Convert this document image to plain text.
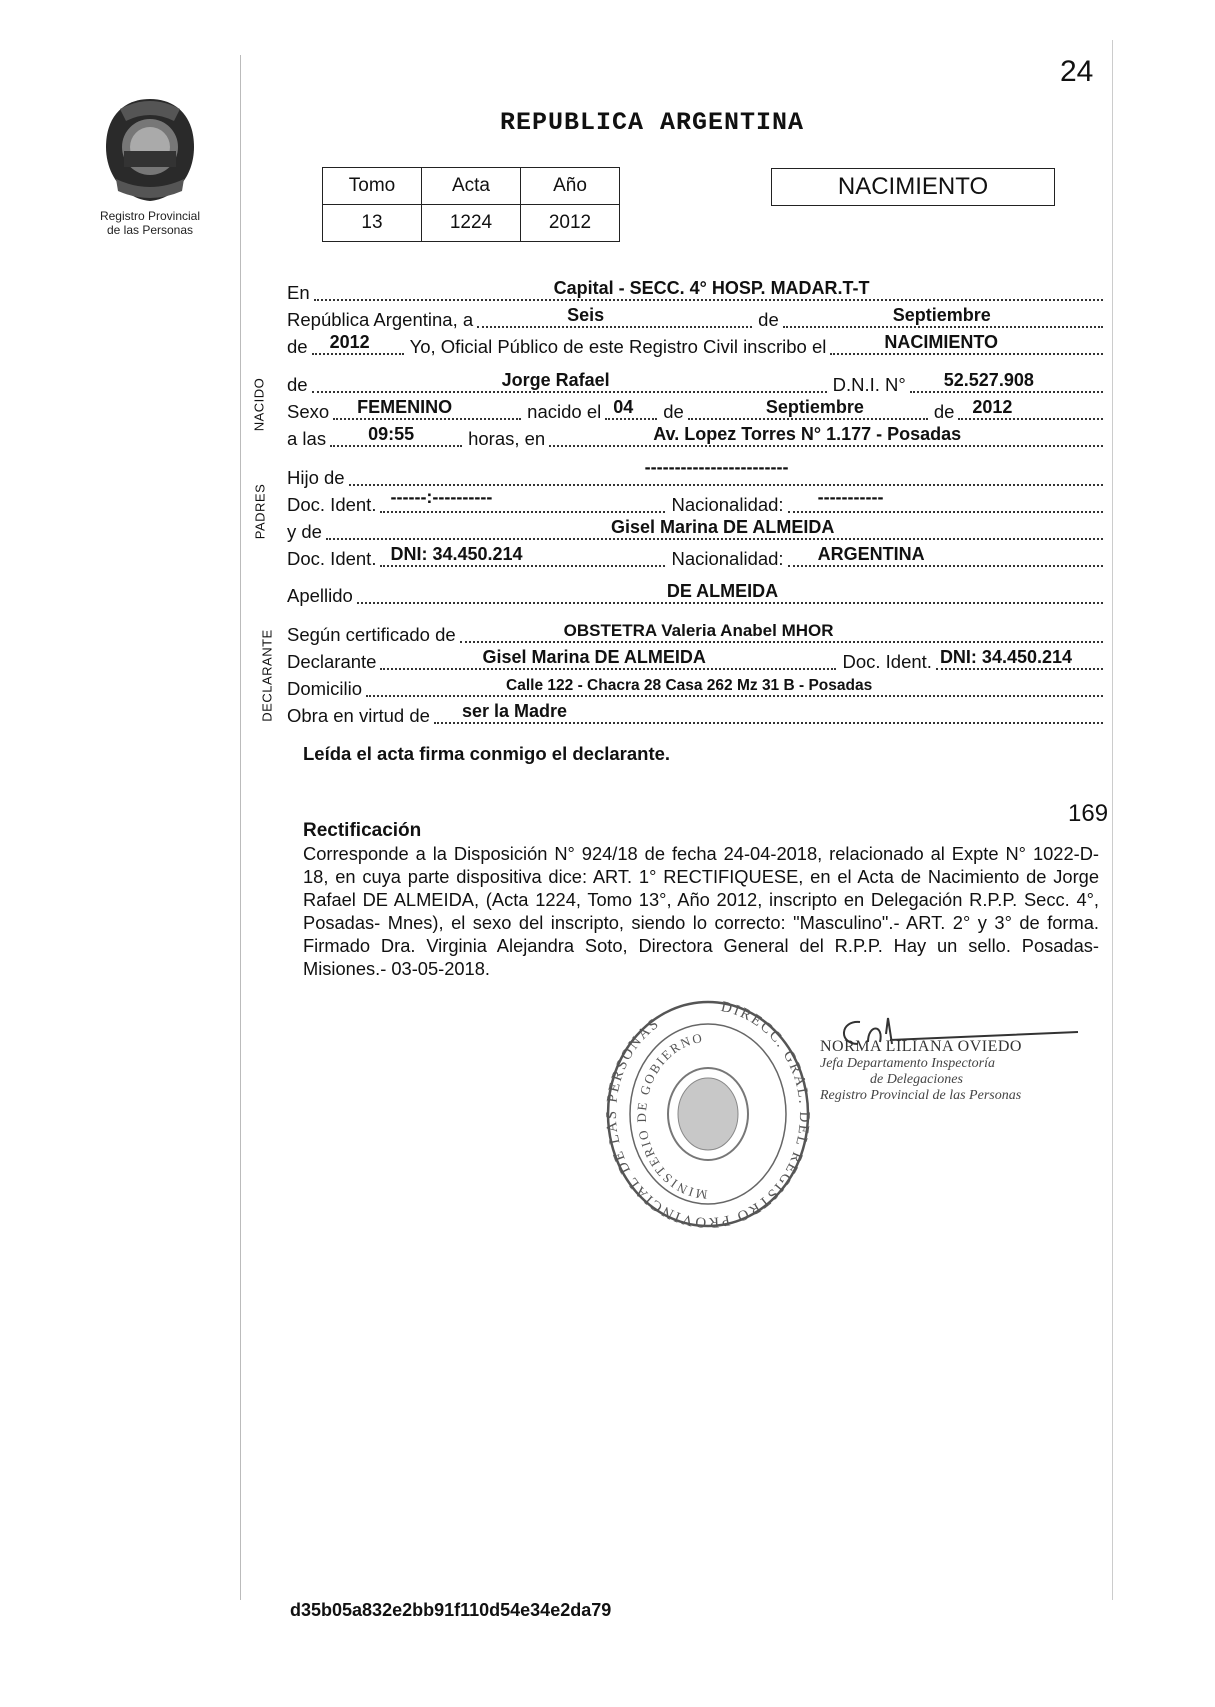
Registro Provincial
de las Personas
24
REPUBLICA ARGENTINA
Tomo	Acta	Año
13	1224	2012
NACIMIENTO
NACIDO
PADRES
DECLARANTE
En	Capital - SECC. 4° HOSP. MADAR.T-T
República Argentina, a	Seis	de	Septiembre
de 2012	Yo, Oficial Público de este Registro Civil inscribo el	NACIMIENTO
de	Jorge Rafael	D.N.I. N° 52.527.908
Sexo FEMENINO	nacido el 04	de	Septiembre	de 2012
a las 09:55	horas, en	Av. Lopez Torres N° 1.177 - Posadas
Hijo de	------------------------
Doc. Ident. ------:----------	Nacionalidad: -----------
y de	Gisel Marina DE ALMEIDA
Doc. Ident. DNI: 34.450.214	Nacionalidad: ARGENTINA
Apellido	DE ALMEIDA
Según certificado de	OBSTETRA Valeria Anabel MHOR
Declarante	Gisel Marina DE ALMEIDA	Doc. Ident. DNI: 34.450.214
Domicilio	Calle 122 - Chacra 28 Casa 262 Mz 31 B - Posadas
Obra en virtud de ser la Madre
Leída el acta firma conmigo el declarante.
169
Rectificación
Corresponde a la Disposición N° 924/18 de fecha 24-04-2018, relacionado al Expte N° 1022-D-18, en cuya parte dispositiva dice: ART. 1° RECTIFIQUESE, en el Acta de Nacimiento de Jorge Rafael DE ALMEIDA, (Acta 1224, Tomo 13°, Año 2012, inscripto en Delegación R.P.P. Secc. 4°, Posadas- Mnes), el sexo del inscripto, siendo lo correcto: "Masculino".- ART. 2° y 3° de forma. Firmado Dra. Virginia Alejandra Soto, Directora General del R.P.P. Hay un sello. Posadas- Misiones.- 03-05-2018.
DIRECC. GRAL. DEL REGISTRO PROVINCIAL DE LAS PERSONAS
MINISTERIO DE GOBIERNO	NORMA LILIANA OVIEDO
Jefa Departamento Inspectoría
de Delegaciones
Registro Provincial de las Personas
d35b05a832e2bb91f110d54e34e2da79
